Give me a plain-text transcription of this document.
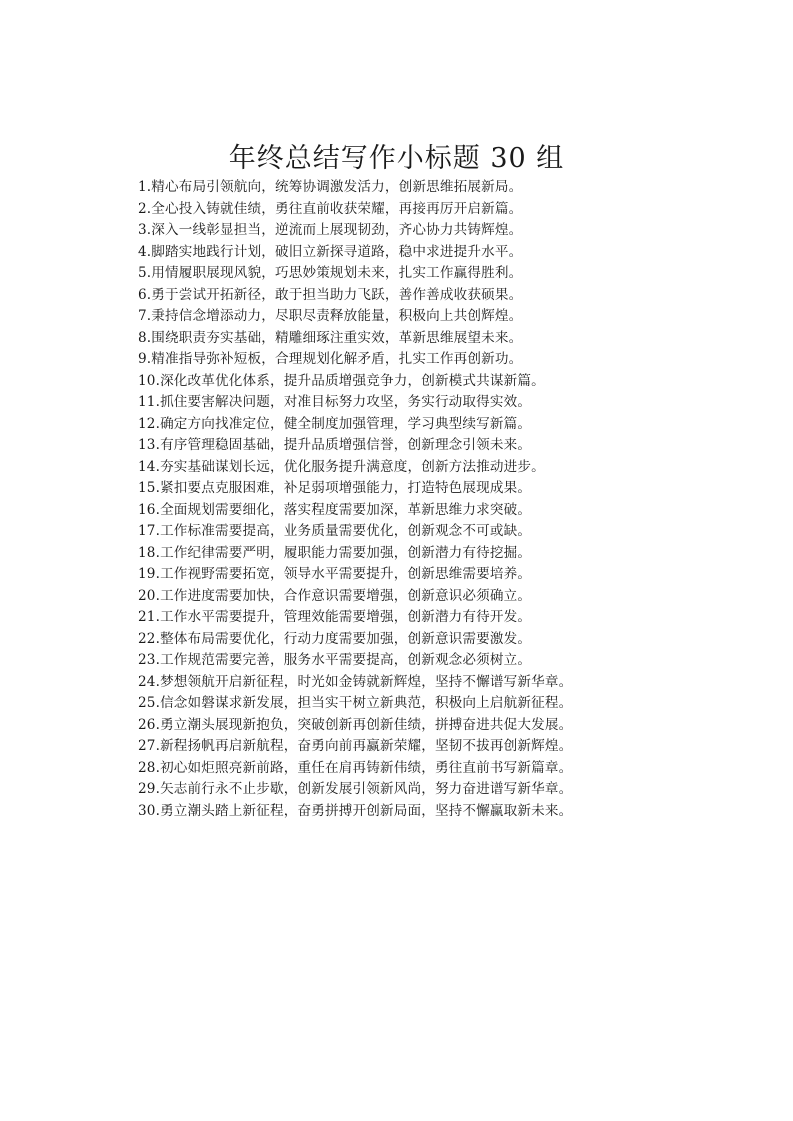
年终总结写作小标题 30 组
1.精心布局引领航向，统筹协调激发活力，创新思维拓展新局。
2.全心投入铸就佳绩，勇往直前收获荣耀，再接再厉开启新篇。
3.深入一线彰显担当，逆流而上展现韧劲，齐心协力共铸辉煌。
4.脚踏实地践行计划，破旧立新探寻道路，稳中求进提升水平。
5.用情履职展现风貌，巧思妙策规划未来，扎实工作赢得胜利。
6.勇于尝试开拓新径，敢于担当助力飞跃，善作善成收获硕果。
7.秉持信念增添动力，尽职尽责释放能量，积极向上共创辉煌。
8.围绕职责夯实基础，精雕细琢注重实效，革新思维展望未来。
9.精准指导弥补短板，合理规划化解矛盾，扎实工作再创新功。
10.深化改革优化体系，提升品质增强竞争力，创新模式共谋新篇。
11.抓住要害解决问题，对准目标努力攻坚，务实行动取得实效。
12.确定方向找准定位，健全制度加强管理，学习典型续写新篇。
13.有序管理稳固基础，提升品质增强信誉，创新理念引领未来。
14.夯实基础谋划长远，优化服务提升满意度，创新方法推动进步。
15.紧扣要点克服困难，补足弱项增强能力，打造特色展现成果。
16.全面规划需要细化，落实程度需要加深，革新思维力求突破。
17.工作标准需要提高，业务质量需要优化，创新观念不可或缺。
18.工作纪律需要严明，履职能力需要加强，创新潜力有待挖掘。
19.工作视野需要拓宽，领导水平需要提升，创新思维需要培养。
20.工作进度需要加快，合作意识需要增强，创新意识必须确立。
21.工作水平需要提升，管理效能需要增强，创新潜力有待开发。
22.整体布局需要优化，行动力度需要加强，创新意识需要激发。
23.工作规范需要完善，服务水平需要提高，创新观念必须树立。
24.梦想领航开启新征程，时光如金铸就新辉煌，坚持不懈谱写新华章。
25.信念如磐谋求新发展，担当实干树立新典范，积极向上启航新征程。
26.勇立潮头展现新抱负，突破创新再创新佳绩，拼搏奋进共促大发展。
27.新程扬帆再启新航程，奋勇向前再赢新荣耀，坚韧不拔再创新辉煌。
28.初心如炬照亮新前路，重任在肩再铸新伟绩，勇往直前书写新篇章。
29.矢志前行永不止步歇，创新发展引领新风尚，努力奋进谱写新华章。
30.勇立潮头踏上新征程，奋勇拼搏开创新局面，坚持不懈赢取新未来。
